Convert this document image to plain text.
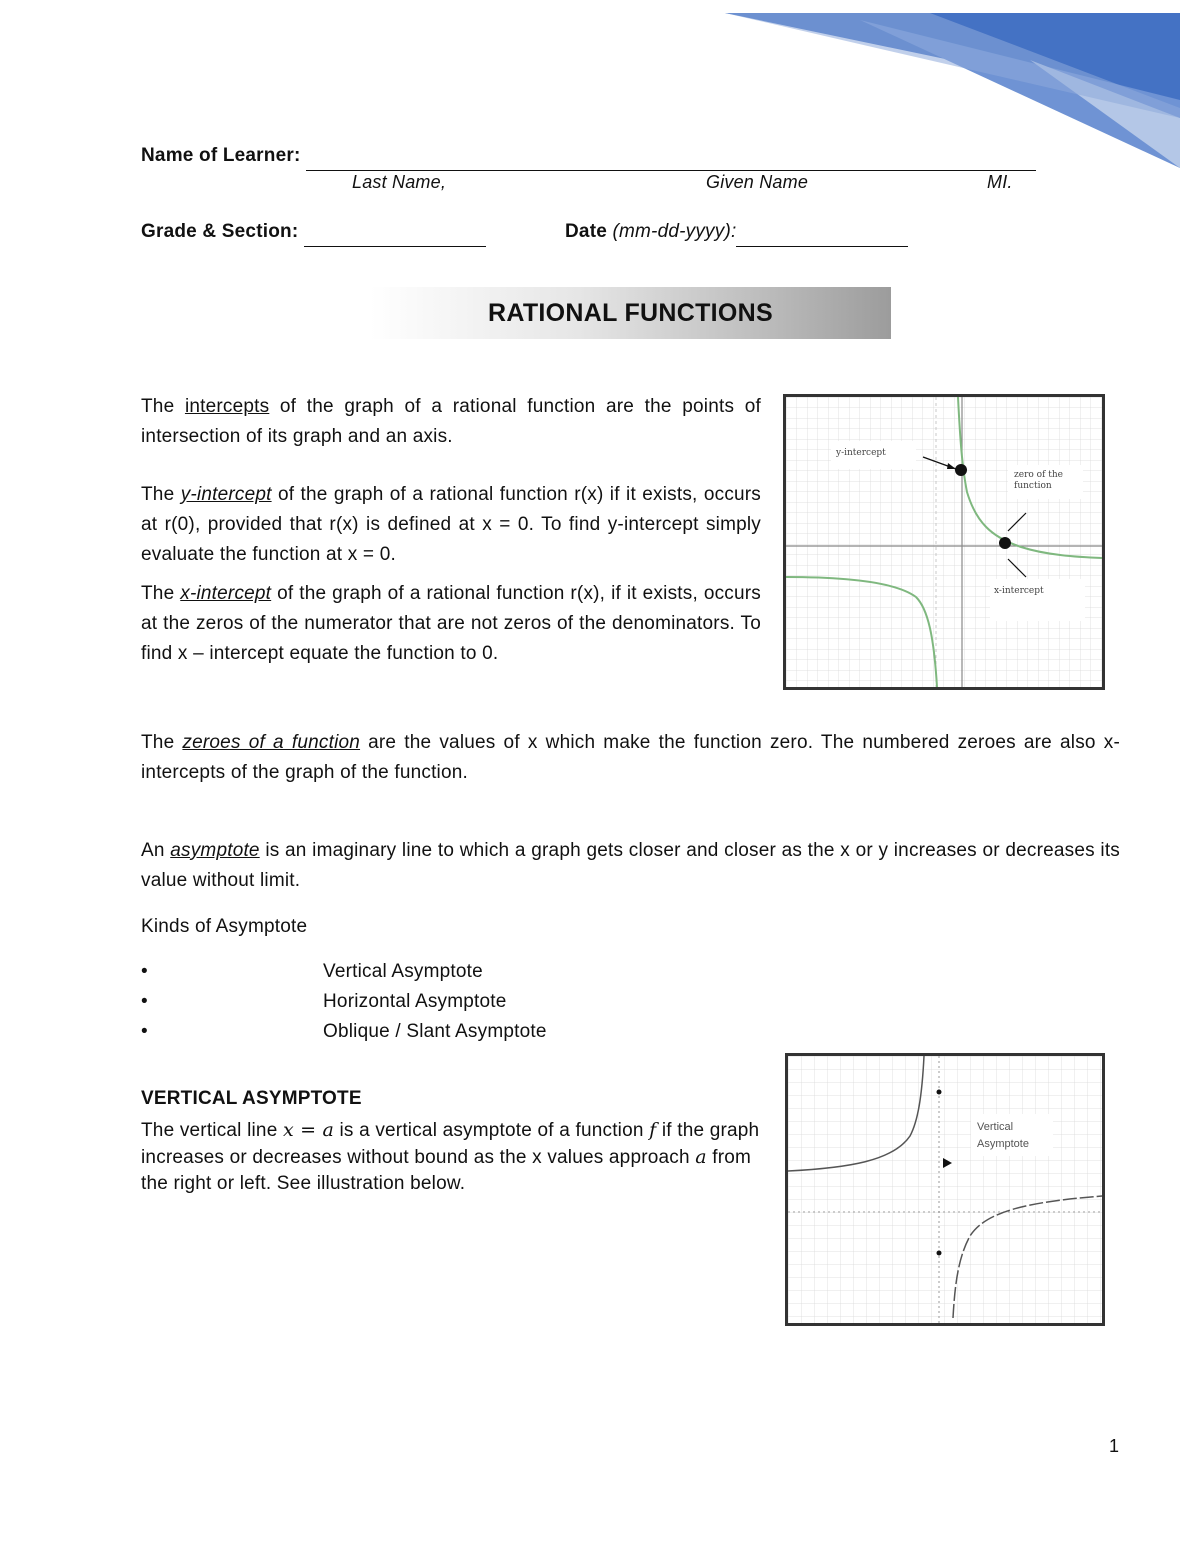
Name of Learner:
Last Name,	Given Name	MI.
Grade & Section:	Date (mm-dd-yyyy):
RATIONAL FUNCTIONS
The intercepts of the graph of a rational function are the points of intersection of its graph and an axis.
The y-intercept of the graph of a rational function r(x) if it exists, occurs at r(0), provided that r(x) is defined at x = 0. To find y-intercept simply evaluate the function at x = 0.
The x-intercept of the graph of a rational function r(x), if it exists, occurs at the zeros of the numerator that are not zeros of the denominators. To find x – intercept equate the function to 0.
y-intercept
zero of the
function
x-intercept
The zeroes of a function are the values of x which make the function zero. The numbered zeroes are also x-intercepts of the graph of the function.
An asymptote is an imaginary line to which a graph gets closer and closer as the x or y increases or decreases its value without limit.
Kinds of Asymptote
•	Vertical Asymptote
•	Horizontal Asymptote
•	Oblique / Slant Asymptote
VERTICAL ASYMPTOTE
The vertical line x = a is a vertical asymptote of a function f if the graph increases or decreases without bound as the x values approach a from the right or left. See illustration below.
Vertical
Asymptote
1
